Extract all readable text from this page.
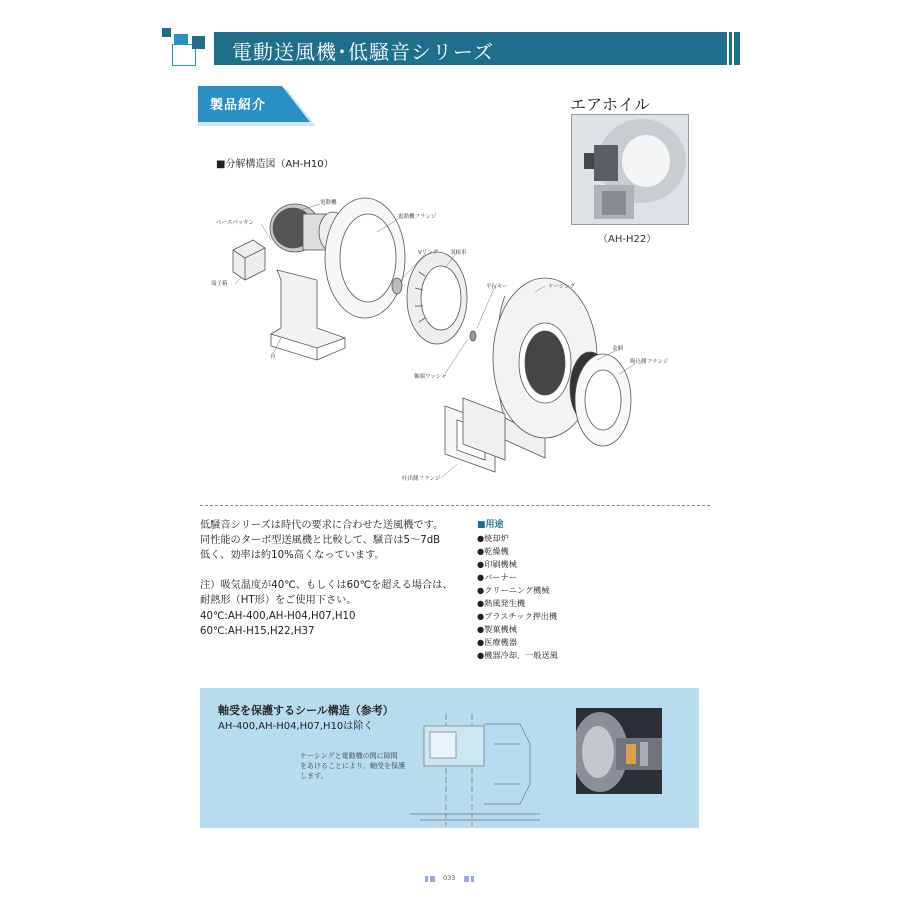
電動送風機･低騒音シリーズ
製品紹介
■分解構造図（AH-H10）
電動機
ベースパッキン
電動機フランジ
Vリング 羽根車
端子箱	平行キー	ケーシング
金網
台
吸込側フランジ
軸端ワッシャ
吐出側フランジ
エアホイル
（AH-H22）
低騒音シリーズは時代の要求に合わせた送風機です。
同性能のターボ型送風機と比較して、騒音は5～7dB
低く、効率は約10%高くなっています。
注）吸気温度が40℃、もしくは60℃を超える場合は、
耐熱形（HT形）をご使用下さい。
40℃:AH-400,AH-H04,H07,H10
60℃:AH-H15,H22,H37
■用途
●焼却炉
●乾燥機
●印刷機械
●バーナー
●クリーニング機械
●熱風発生機
●プラスチック押出機
●製菓機械
●医療機器
●機器冷却、一般送風
軸受を保護するシール構造（参考）
AH-400,AH-H04,H07,H10は除く
ケーシングと電動機の間に隙間
をあけることにより、軸受を保護
します。
033
